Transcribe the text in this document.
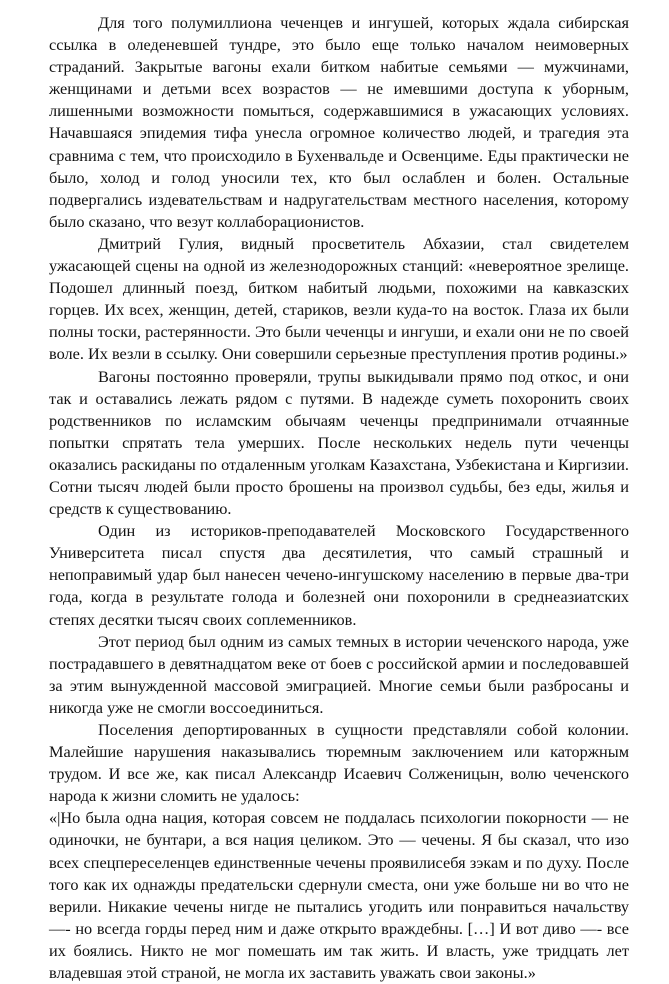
Для того полумиллиона чеченцев и ингушей, которых ждала сибирская ссылка в оледеневшей тундре, это было еще только началом неимоверных страданий. Закрытые вагоны ехали битком набитые семьями — мужчинами, женщинами и детьми всех возрастов — не имевшими доступа к уборным, лишенными возможности помыться, содержавшимися в ужасающих условиях. Начавшаяся эпидемия тифа унесла огромное количество людей, и трагедия эта сравнима с тем, что происходило в Бухенвальде и Освенциме. Еды практически не было, холод и голод уносили тех, кто был ослаблен и болен. Остальные подвергались издевательствам и надругательствам местного населения, которому было сказано, что везут коллаборационистов.

Дмитрий Гулия, видный просветитель Абхазии, стал свидетелем ужасающей сцены на одной из железнодорожных станций: «невероятное зрелище. Подошел длинный поезд, битком набитый людьми, похожими на кавказских горцев. Их всех, женщин, детей, стариков, везли куда-то на восток. Глаза их были полны тоски, растерянности. Это были чеченцы и ингуши, и ехали они не по своей воле. Их везли в ссылку. Они совершили серьезные преступления против родины.»

Вагоны постоянно проверяли, трупы выкидывали прямо под откос, и они так и оставались лежать рядом с путями. В надежде суметь похоронить своих родственников по исламским обычаям чеченцы предпринимали отчаянные попытки спрятать тела умерших. После нескольких недель пути чеченцы оказались раскиданы по отдаленным уголкам Казахстана, Узбекистана и Киргизии. Сотни тысяч людей были просто брошены на произвол судьбы, без еды, жилья и средств к существованию.

Один из историков-преподавателей Московского Государственного Университета писал спустя два десятилетия, что самый страшный и непоправимый удар был нанесен чечено-ингушскому населению в первые два-три года, когда в результате голода и болезней они похоронили в среднеазиатских степях десятки тысяч своих соплеменников.

Этот период был одним из самых темных в истории чеченского народа, уже пострадавшего в девятнадцатом веке от боев с российской армии и последовавшей за этим вынужденной массовой эмиграцией. Многие семьи были разбросаны и никогда уже не смогли воссоединиться.

Поселения депортированных в сущности представляли собой колонии. Малейшие нарушения наказывались тюремным заключением или каторжным трудом. И все же, как писал Александр Исаевич Солженицын, волю чеченского народа к жизни сломить не удалось:

«|Но была одна нация, которая совсем не поддалась психологии покорности — не одиночки, не бунтари, а вся нация целиком. Это — чечены. Я бы сказал, что изо всех спецпереселенцев единственные чечены проявилисебя зэкам и по духу. После того как их однажды предательски сдернули сместа, они уже больше ни во что не верили. Никакие чечены нигде не пытались угодить или понравиться начальству —- но всегда горды перед ним и даже открыто враждебны. […] И вот диво —- все их боялись. Никто не мог помешать им так жить. И власть, уже тридцать лет владевшая этой страной, не могла их заставить уважать свои законы.»
